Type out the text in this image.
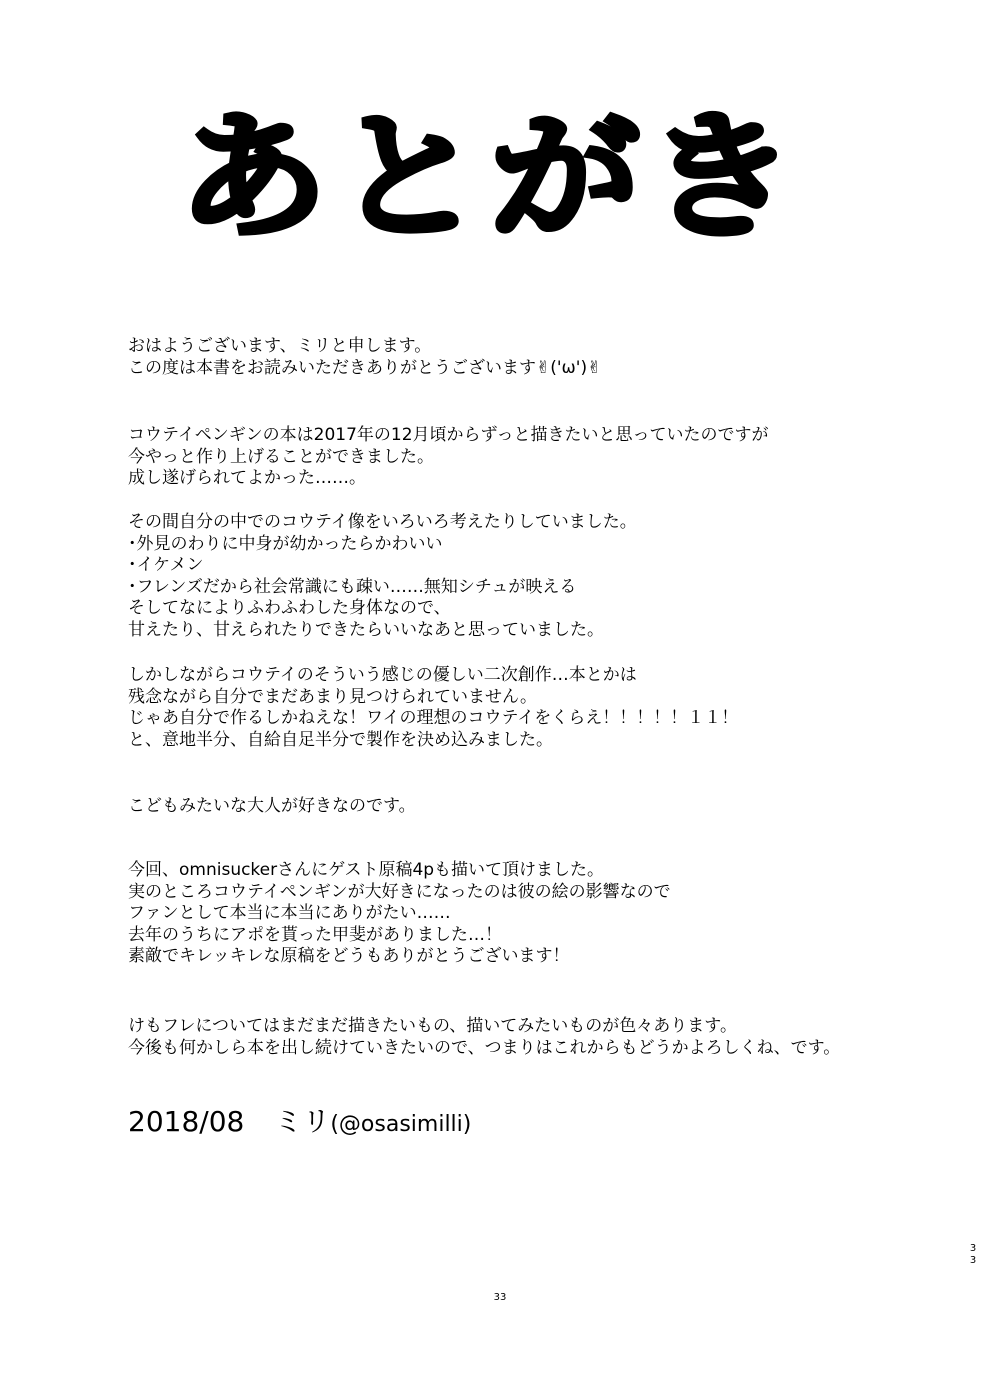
あとがき
おはようございます、ミリと申します。
この度は本書をお読みいただきありがとうございます✌('ω')✌
コウテイペンギンの本は2017年の12月頃からずっと描きたいと思っていたのですが
今やっと作り上げることができました。
成し遂げられてよかった……。
その間自分の中でのコウテイ像をいろいろ考えたりしていました。
･外見のわりに中身が幼かったらかわいい
･イケメン
･フレンズだから社会常識にも疎い……無知シチュが映える
そしてなによりふわふわした身体なので、
甘えたり、甘えられたりできたらいいなあと思っていました。
しかしながらコウテイのそういう感じの優しい二次創作…本とかは
残念ながら自分でまだあまり見つけられていません。
じゃあ自分で作るしかねえな！ワイの理想のコウテイをくらえ！！！！！１１！
と、意地半分、自給自足半分で製作を決め込みました。
こどもみたいな大人が好きなのです。
今回、omnisuckerさんにゲスト原稿4pも描いて頂けました。
実のところコウテイペンギンが大好きになったのは彼の絵の影響なので
ファンとして本当に本当にありがたい……
去年のうちにアポを貰った甲斐がありました…！
素敵でキレッキレな原稿をどうもありがとうございます！
けもフレについてはまだまだ描きたいもの、描いてみたいものが色々あります。
今後も何かしら本を出し続けていきたいので、つまりはこれからもどうかよろしくね、です。
2018/08 ミリ(@osasimilli)
33
33
